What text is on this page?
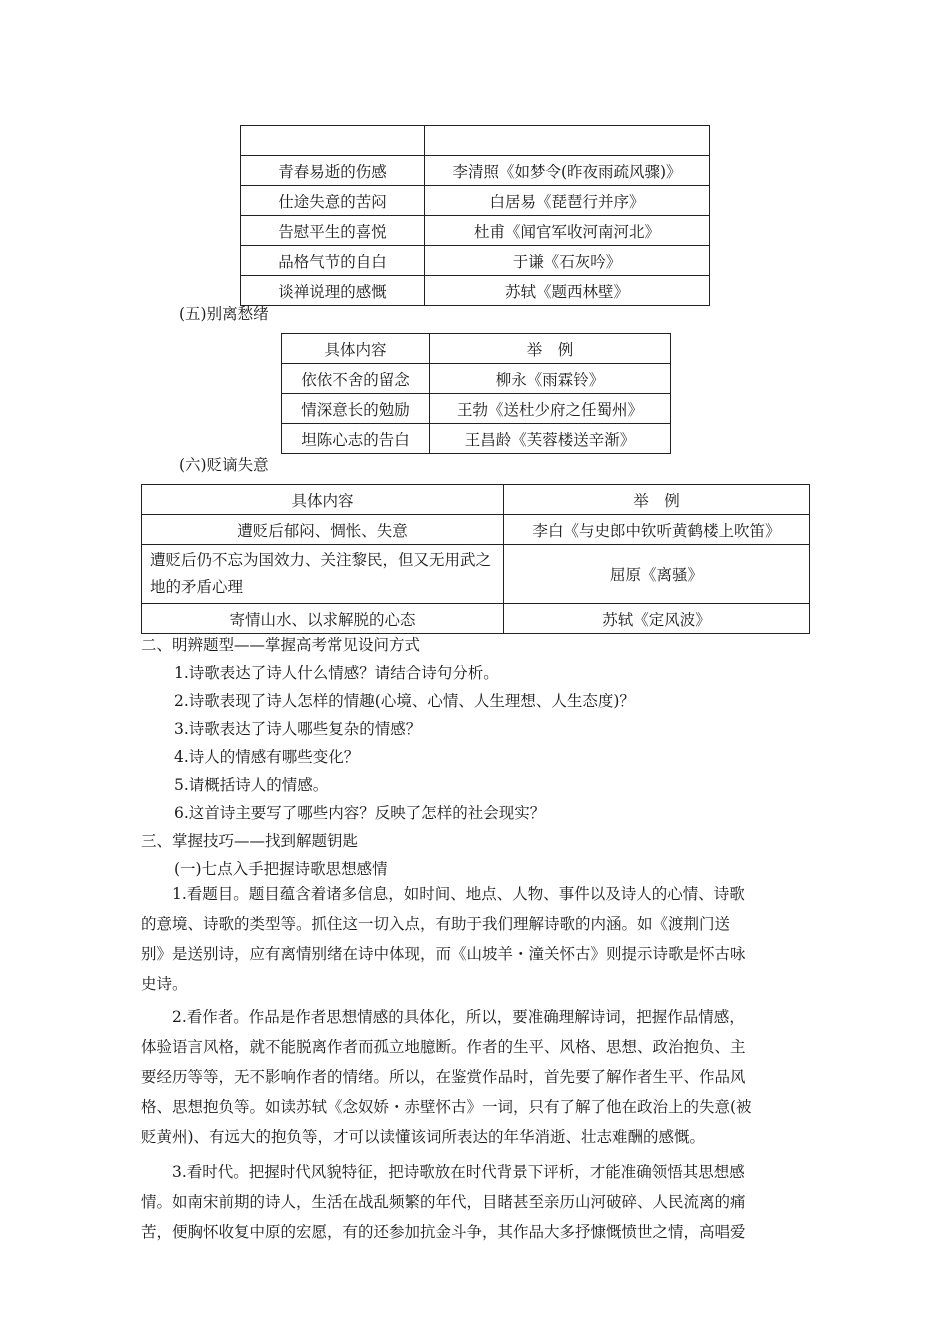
青春易逝的伤感	李清照《如梦令(昨夜雨疏风骤)》
仕途失意的苦闷	白居易《琵琶行并序》
告慰平生的喜悦	杜甫《闻官军收河南河北》
品格气节的自白	于谦《石灰吟》
谈禅说理的感慨	苏轼《题西林壁》
(五)别离愁绪
具体内容	举　例
依依不舍的留念	柳永《雨霖铃》
情深意长的勉励	王勃《送杜少府之任蜀州》
坦陈心志的告白	王昌龄《芙蓉楼送辛渐》
(六)贬谪失意
具体内容	举　例
遭贬后郁闷、惆怅、失意	李白《与史郎中钦听黄鹤楼上吹笛》
遭贬后仍不忘为国效力、关注黎民，但又无用武之地的矛盾心理	屈原《离骚》
寄情山水、以求解脱的心态	苏轼《定风波》
二、明辨题型——掌握高考常见设问方式
1.诗歌表达了诗人什么情感？请结合诗句分析。
2.诗歌表现了诗人怎样的情趣(心境、心情、人生理想、人生态度)？
3.诗歌表达了诗人哪些复杂的情感？
4.诗人的情感有哪些变化？
5.请概括诗人的情感。
6.这首诗主要写了哪些内容？反映了怎样的社会现实？
三、掌握技巧——找到解题钥匙
(一)七点入手把握诗歌思想感情
　　1.看题目。题目蕴含着诸多信息，如时间、地点、人物、事件以及诗人的心情、诗歌
的意境、诗歌的类型等。抓住这一切入点，有助于我们理解诗歌的内涵。如《渡荆门送
别》是送别诗，应有离情别绪在诗中体现，而《山坡羊・潼关怀古》则提示诗歌是怀古咏
史诗。
　　2.看作者。作品是作者思想情感的具体化，所以，要准确理解诗词，把握作品情感，
体验语言风格，就不能脱离作者而孤立地臆断。作者的生平、风格、思想、政治抱负、主
要经历等等，无不影响作者的情绪。所以，在鉴赏作品时，首先要了解作者生平、作品风
格、思想抱负等。如读苏轼《念奴娇・赤壁怀古》一词，只有了解了他在政治上的失意(被
贬黄州)、有远大的抱负等，才可以读懂该词所表达的年华消逝、壮志难酬的感慨。
　　3.看时代。把握时代风貌特征，把诗歌放在时代背景下评析，才能准确领悟其思想感
情。如南宋前期的诗人，生活在战乱频繁的年代，目睹甚至亲历山河破碎、人民流离的痛
苦，便胸怀收复中原的宏愿，有的还参加抗金斗争，其作品大多抒慷慨愤世之情，高唱爱
